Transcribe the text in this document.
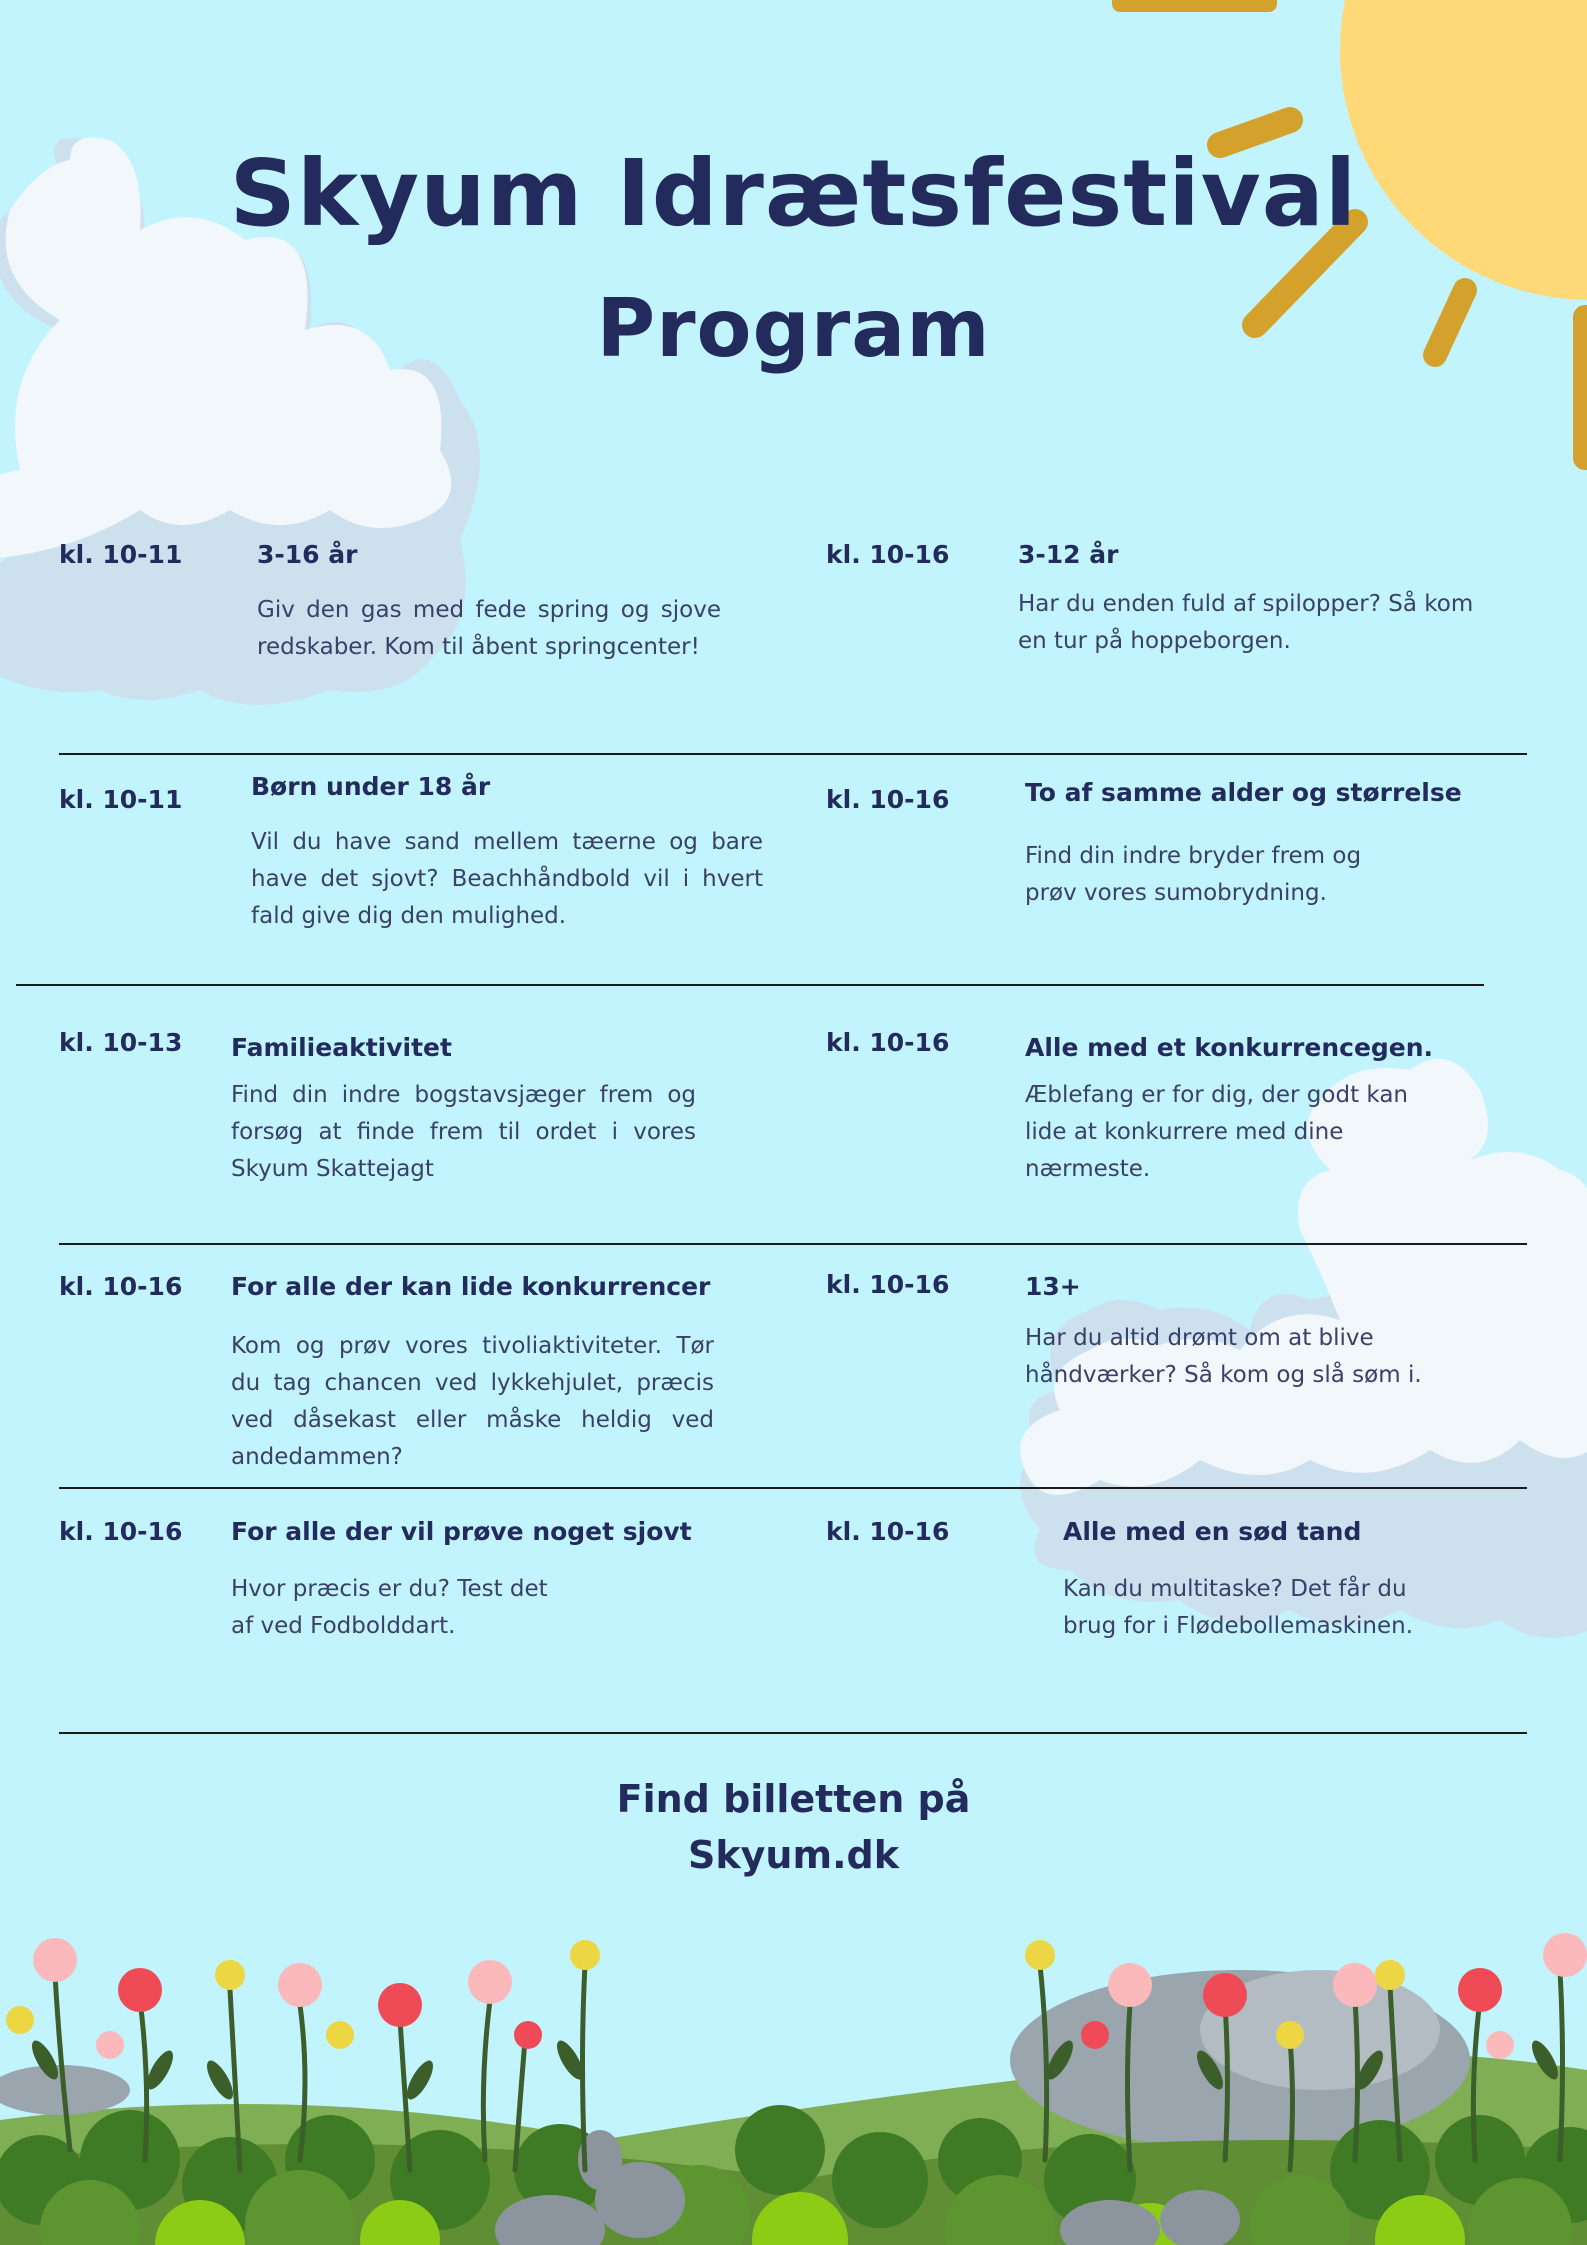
Skyum Idrætsfestival
Program
kl. 10-11	3-16 år

Giv den gas med fede spring og sjove redskaber. Kom til åbent springcenter!

kl. 10-16	3-12 år

Har du enden fuld af spilopper? Så kom en tur på hoppeborgen.

kl. 10-11	Børn under 18 år

Vil du have sand mellem tæerne og bare have det sjovt? Beachhåndbold vil i hvert fald give dig den mulighed.

kl. 10-16	To af samme alder og størrelse

Find din indre bryder frem og prøv vores sumobrydning.

kl. 10-13 Familieaktivitet

Find din indre bogstavsjæger frem og forsøg at finde frem til ordet i vores Skyum Skattejagt

kl. 10-16	Alle med et konkurrencegen.

Æblefang er for dig, der godt kan lide at konkurrere med dine nærmeste.

kl. 10-16 For alle der kan lide konkurrencer

Kom og prøv vores tivoliaktiviteter. Tør du tag chancen ved lykkehjulet, præcis ved dåsekast eller måske heldig ved andedammen?

kl. 10-16	13+

Har du altid drømt om at blive håndværker? Så kom og slå søm i.

kl. 10-16 For alle der vil prøve noget sjovt

Hvor præcis er du? Test det af ved Fodbolddart.

kl. 10-16	Alle med en sød tand

Kan du multitaske? Det får du brug for i Flødebollemaskinen.

Find billetten på
Skyum.dk
